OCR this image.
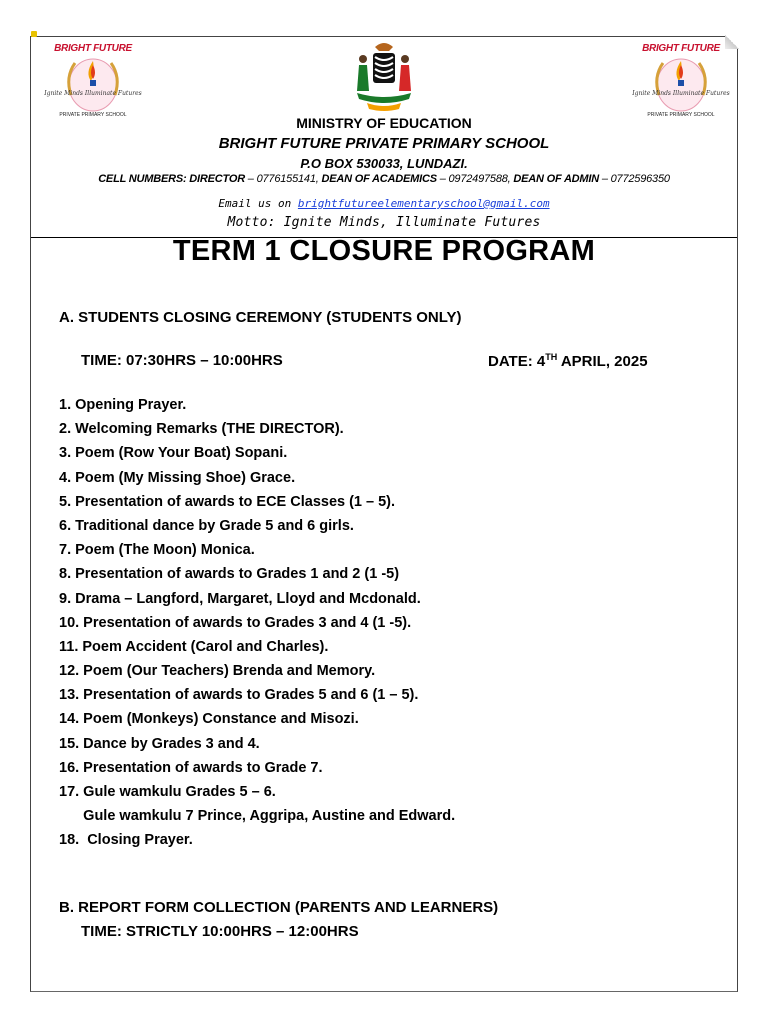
BRIGHT FUTURE
Ignite Minds Illuminate Futures
PRIVATE PRIMARY SCHOOL
BRIGHT FUTURE
Ignite Minds Illuminate Futures
PRIVATE PRIMARY SCHOOL
MINISTRY OF EDUCATION
BRIGHT FUTURE PRIVATE PRIMARY SCHOOL
P.O BOX 530033, LUNDAZI.
CELL NUMBERS: DIRECTOR – 0776155141, DEAN OF ACADEMICS – 0972497588, DEAN OF ADMIN – 0772596350
Email us on brightfutureelementaryschool@gmail.com
Motto: Ignite Minds, Illuminate Futures
TERM 1 CLOSURE PROGRAM
A. STUDENTS CLOSING CEREMONY (STUDENTS ONLY)
TIME: 07:30HRS – 10:00HRS	DATE: 4TH APRIL, 2025
1. Opening Prayer.
2. Welcoming Remarks (THE DIRECTOR).
3. Poem (Row Your Boat) Sopani.
4. Poem (My Missing Shoe) Grace.
5. Presentation of awards to ECE Classes (1 – 5).
6. Traditional dance by Grade 5 and 6 girls.
7. Poem (The Moon) Monica.
8. Presentation of awards to Grades 1 and 2 (1 -5)
9. Drama – Langford, Margaret, Lloyd and Mcdonald.
10. Presentation of awards to Grades 3 and 4 (1 -5).
11. Poem Accident (Carol and Charles).
12. Poem (Our Teachers) Brenda and Memory.
13. Presentation of awards to Grades 5 and 6 (1 – 5).
14. Poem (Monkeys) Constance and Misozi.
15. Dance by Grades 3 and 4.
16. Presentation of awards to Grade 7.
17. Gule wamkulu Grades 5 – 6.
Gule wamkulu 7 Prince, Aggripa, Austine and Edward.
18.  Closing Prayer.
B. REPORT FORM COLLECTION (PARENTS AND LEARNERS)
TIME: STRICTLY 10:00HRS – 12:00HRS
